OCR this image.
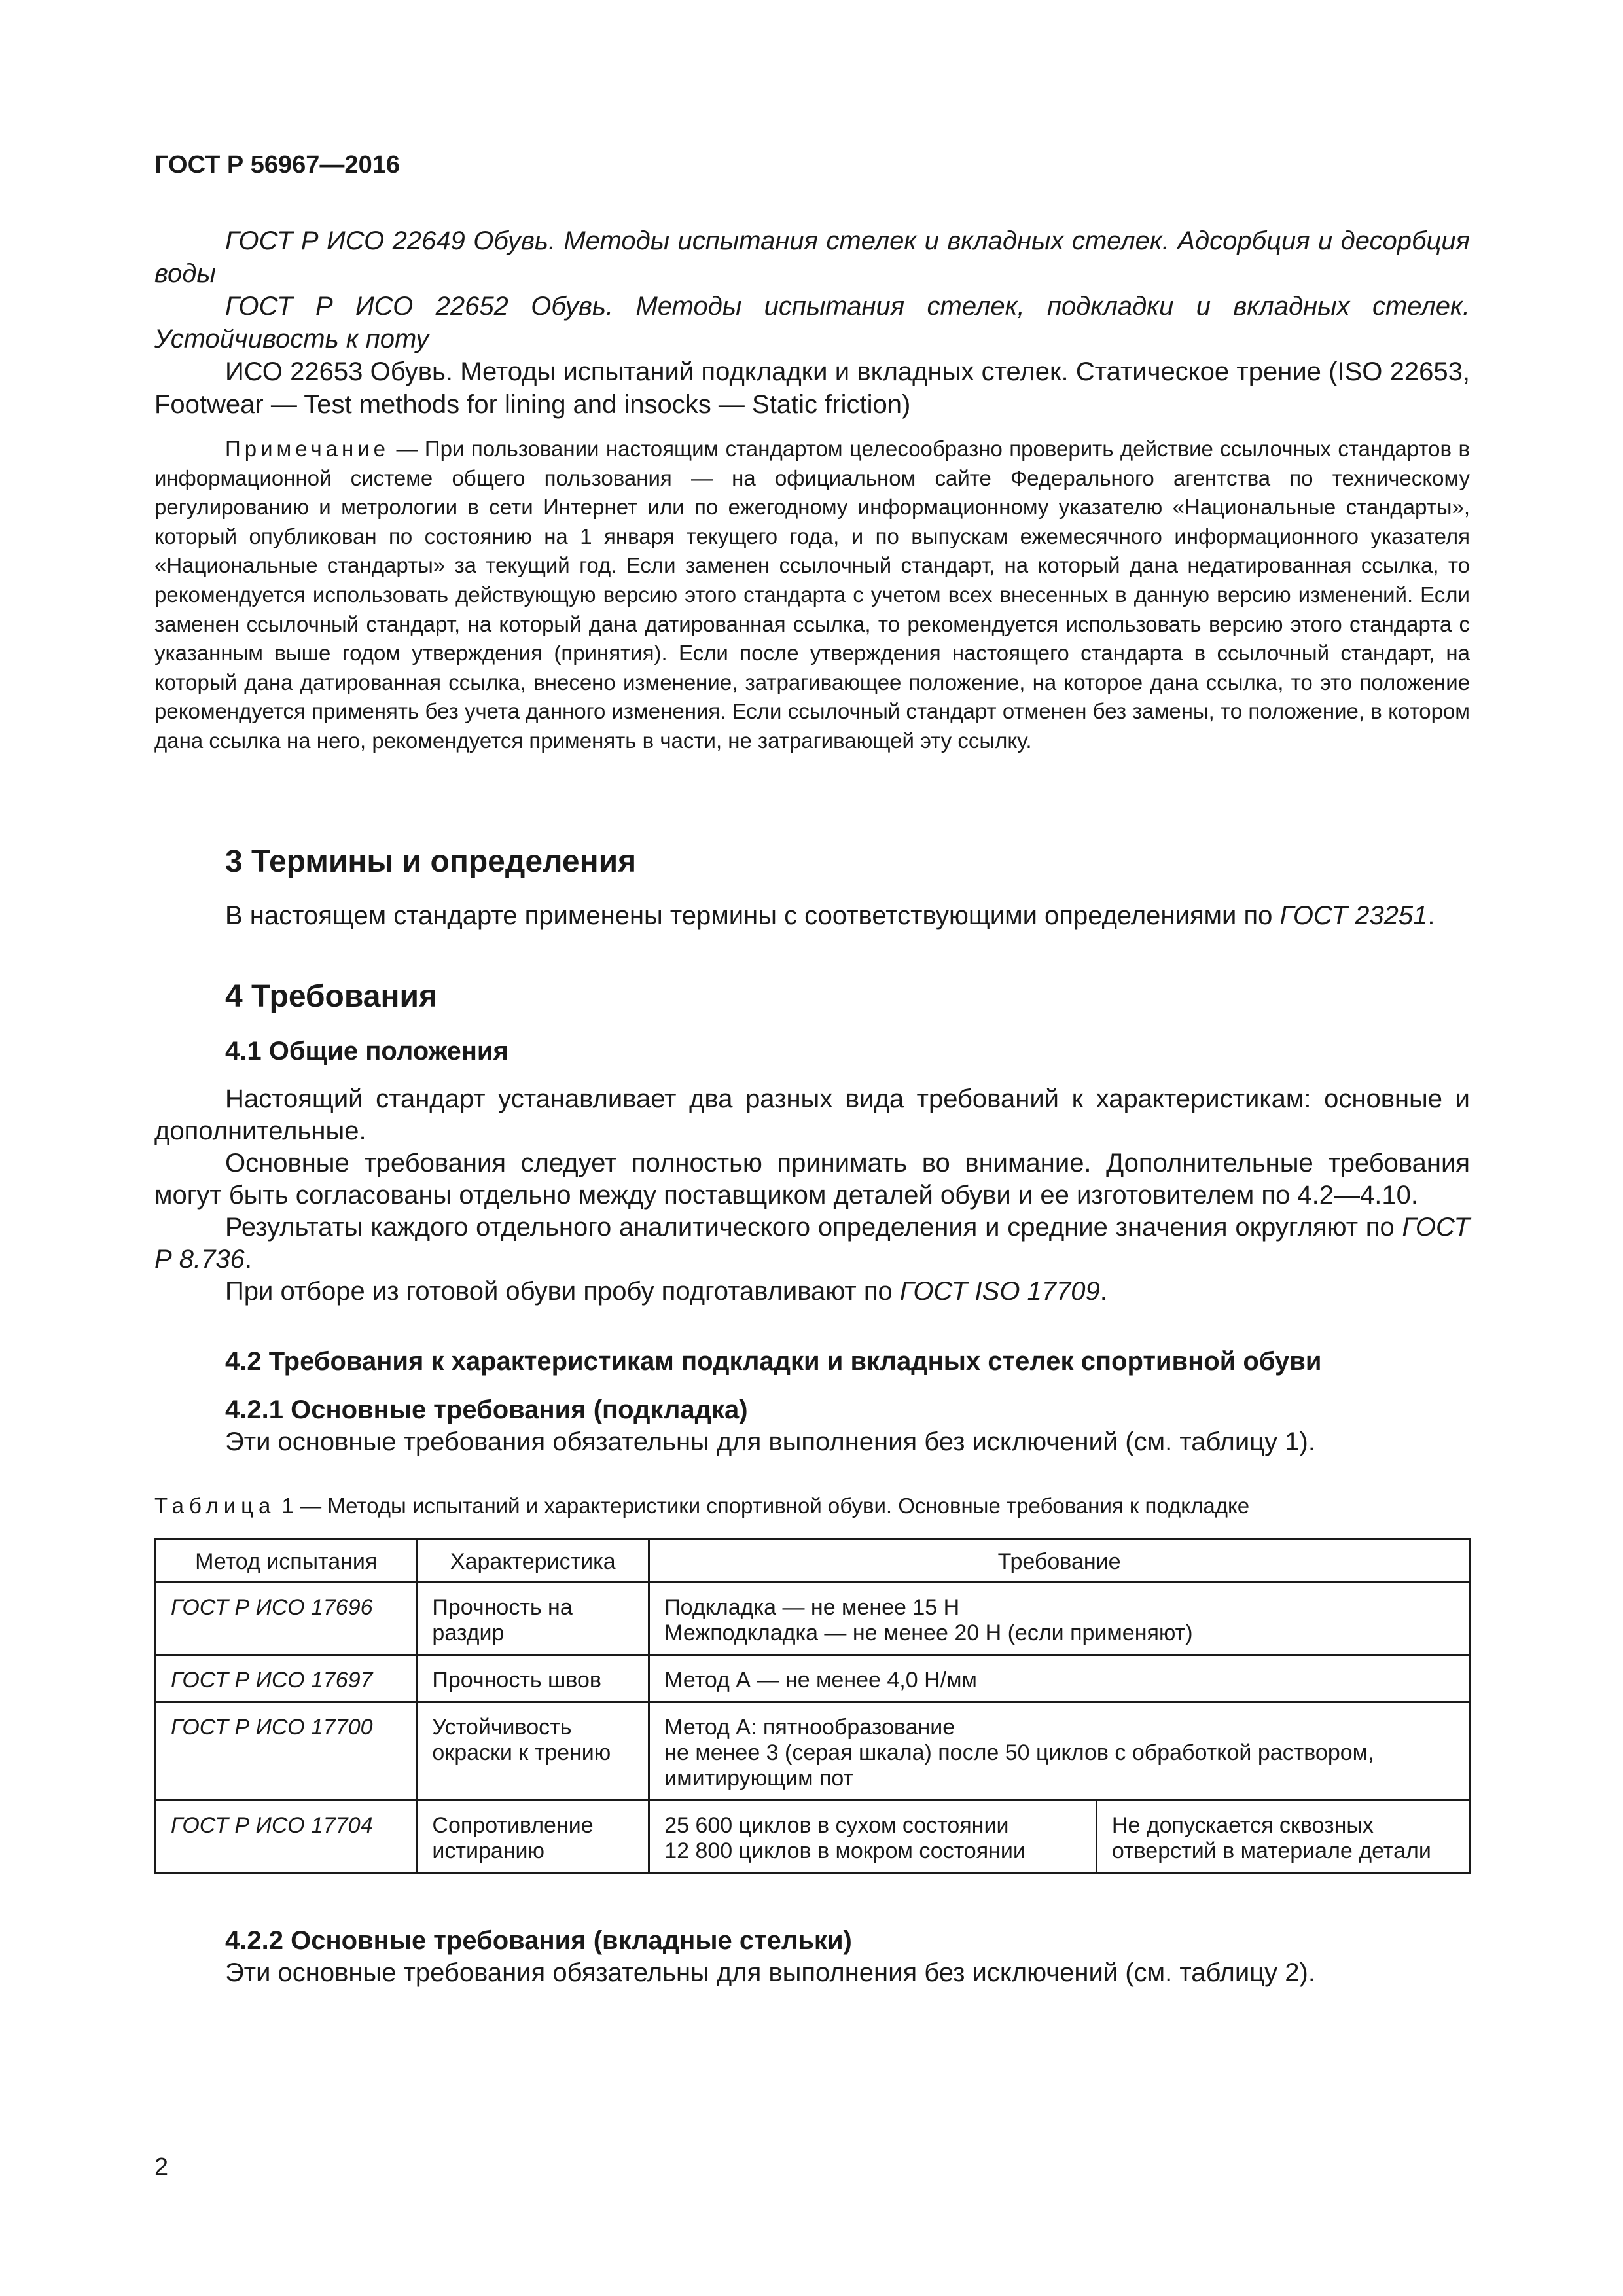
ГОСТ Р 56967—2016

ГОСТ Р ИСО 22649 Обувь. Методы испытания стелек и вкладных стелек. Адсорбция и десорбция воды

ГОСТ Р ИСО 22652 Обувь. Методы испытания стелек, подкладки и вкладных стелек. Устойчивость к поту

ИСО 22653 Обувь. Методы испытаний подкладки и вкладных стелек. Статическое трение (ISO 22653, Footwear — Test methods for lining and insocks — Static friction)

Примечание — При пользовании настоящим стандартом целесообразно проверить действие ссылочных стандартов в информационной системе общего пользования — на официальном сайте Федерального агентства по техническому регулированию и метрологии в сети Интернет или по ежегодному информационному указателю «Национальные стандарты», который опубликован по состоянию на 1 января текущего года, и по выпускам ежемесячного информационного указателя «Национальные стандарты» за текущий год. Если заменен ссылочный стандарт, на который дана недатированная ссылка, то рекомендуется использовать действующую версию этого стандарта с учетом всех внесенных в данную версию изменений. Если заменен ссылочный стандарт, на который дана датированная ссылка, то рекомендуется использовать версию этого стандарта с указанным выше годом утверждения (принятия). Если после утверждения настоящего стандарта в ссылочный стандарт, на который дана датированная ссылка, внесено изменение, затрагивающее положение, на которое дана ссылка, то это положение рекомендуется применять без учета данного изменения. Если ссылочный стандарт отменен без замены, то положение, в котором дана ссылка на него, рекомендуется применять в части, не затрагивающей эту ссылку.

3 Термины и определения

В настоящем стандарте применены термины с соответствующими определениями по ГОСТ 23251.

4 Требования
4.1 Общие положения

Настоящий стандарт устанавливает два разных вида требований к характеристикам: основные и дополнительные.

Основные требования следует полностью принимать во внимание. Дополнительные требования могут быть согласованы отдельно между поставщиком деталей обуви и ее изготовителем по 4.2—4.10.

Результаты каждого отдельного аналитического определения и средние значения округляют по ГОСТ Р 8.736.

При отборе из готовой обуви пробу подготавливают по ГОСТ ISO 17709.

4.2 Требования к характеристикам подкладки и вкладных стелек спортивной обуви
4.2.1 Основные требования (подкладка)

Эти основные требования обязательны для выполнения без исключений (см. таблицу 1).

Таблица 1 — Методы испытаний и характеристики спортивной обуви. Основные требования к подкладке

Метод испытания	Характеристика	Требование	
ГОСТ Р ИСО 17696	Прочность на раздир	Подкладка — не менее 15 Н
Межподкладка — не менее 20 Н (если применяют)	

ГОСТ Р ИСО 17697	Прочность швов	Метод А — не менее 4,0 Н/мм	

ГОСТ Р ИСО 17700	Устойчивость окраски к трению	Метод А: пятнообразование
не менее 3 (серая шкала) после 50 циклов с обработкой раствором, имитирующим пот	

ГОСТ Р ИСО 17704	Сопротивление истиранию	25 600 циклов в сухом состоянии
12 800 циклов в мокром состоянии	Не допускается сквозных отверстий в материале детали
4.2.2 Основные требования (вкладные стельки)

Эти основные требования обязательны для выполнения без исключений (см. таблицу 2).

2
